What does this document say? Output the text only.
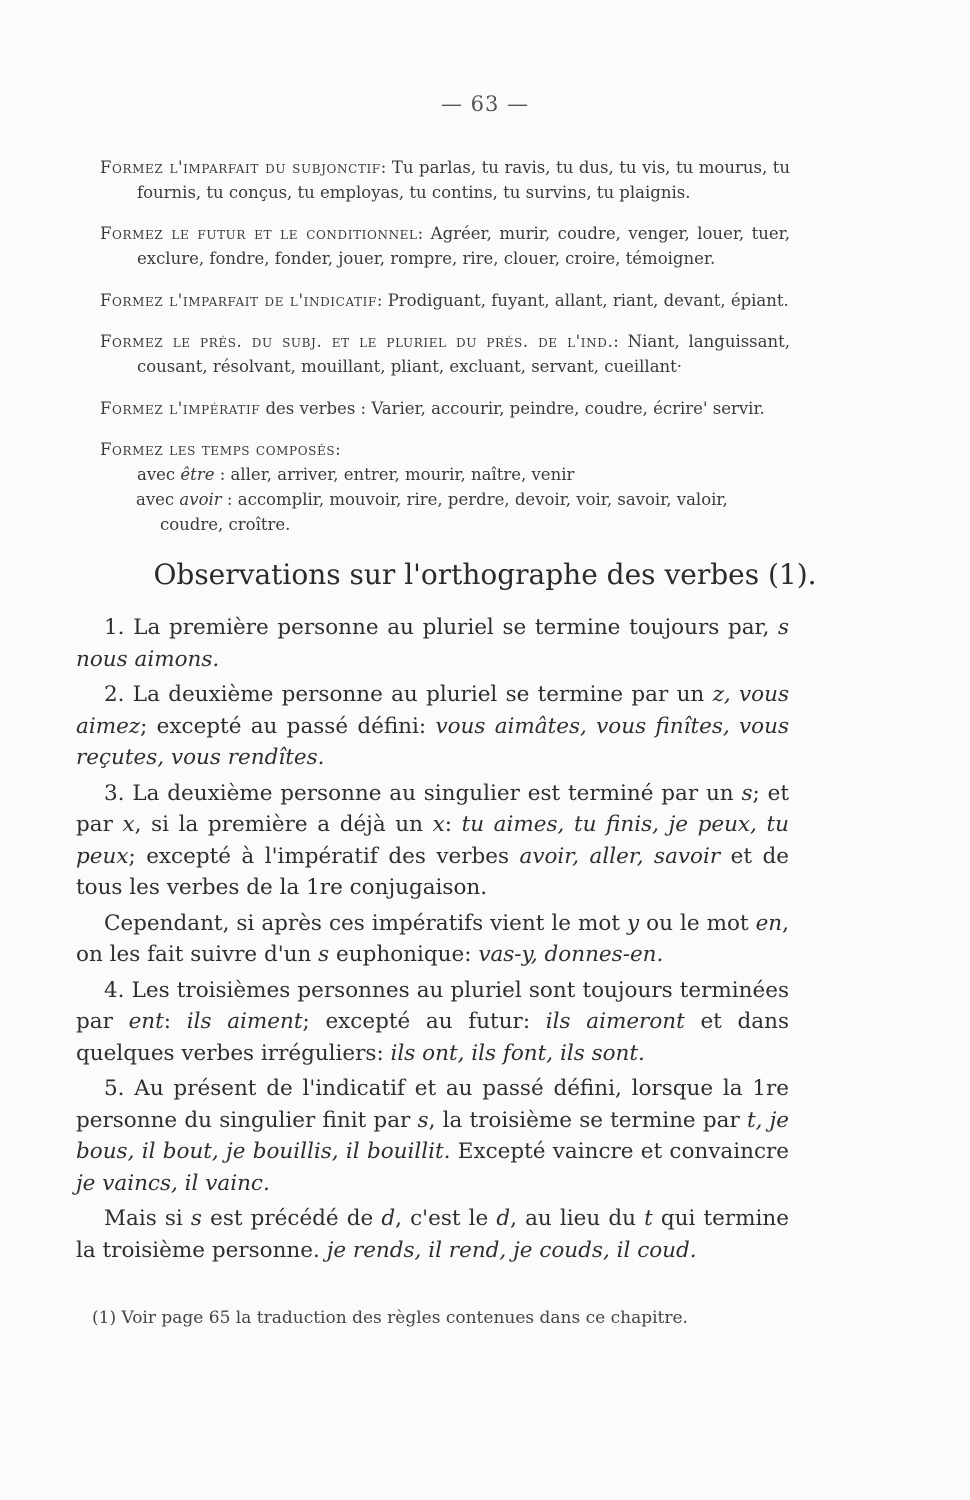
— 63 —

Formez l'imparfait du subjonctif: Tu parlas, tu ravis, tu dus, tu vis, tu mourus, tu fournis, tu conçus, tu employas, tu contins, tu survins, tu plaignis.

Formez le futur et le conditionnel: Agréer, murir, coudre, venger, louer, tuer, exclure, fondre, fonder, jouer, rompre, rire, clouer, croire, témoigner.

Formez l'imparfait de l'indicatif: Prodiguant, fuyant, allant, riant, devant, épiant.

Formez le prés. du subj. et le pluriel du prés. de l'ind.: Niant, languissant, cousant, résolvant, mouillant, pliant, excluant, servant, cueillant·

Formez l'impératif des verbes : Varier, accourir, peindre, coudre, écrire' servir.

Formez les temps composés:

avec être : aller, arriver, entrer, mourir, naître, venir
avec avoir : accomplir, mouvoir, rire, perdre, devoir, voir, savoir, valoir, coudre, croître.
Observations sur l'orthographe des verbes (1).

1. La première personne au pluriel se termine toujours par, s nous aimons.

2. La deuxième personne au pluriel se termine par un z, vous aimez; excepté au passé défini: vous aimâtes, vous finîtes, vous reçutes, vous rendîtes.

3. La deuxième personne au singulier est terminé par un s; et par x, si la première a déjà un x: tu aimes, tu finis, je peux, tu peux; excepté à l'impératif des verbes avoir, aller, savoir et de tous les verbes de la 1re conjugaison.

Cependant, si après ces impératifs vient le mot y ou le mot en, on les fait suivre d'un s euphonique: vas-y, donnes-en.

4. Les troisièmes personnes au pluriel sont toujours terminées par ent: ils aiment; excepté au futur: ils aimeront et dans quelques verbes irréguliers: ils ont, ils font, ils sont.

5. Au présent de l'indicatif et au passé défini, lorsque la 1re personne du singulier finit par s, la troisième se termine par t, je bous, il bout, je bouillis, il bouillit. Excepté vaincre et convaincre je vaincs, il vainc.

Mais si s est précédé de d, c'est le d, au lieu du t qui termine la troisième personne. je rends, il rend, je couds, il coud.

(1) Voir page 65 la traduction des règles contenues dans ce chapitre.
